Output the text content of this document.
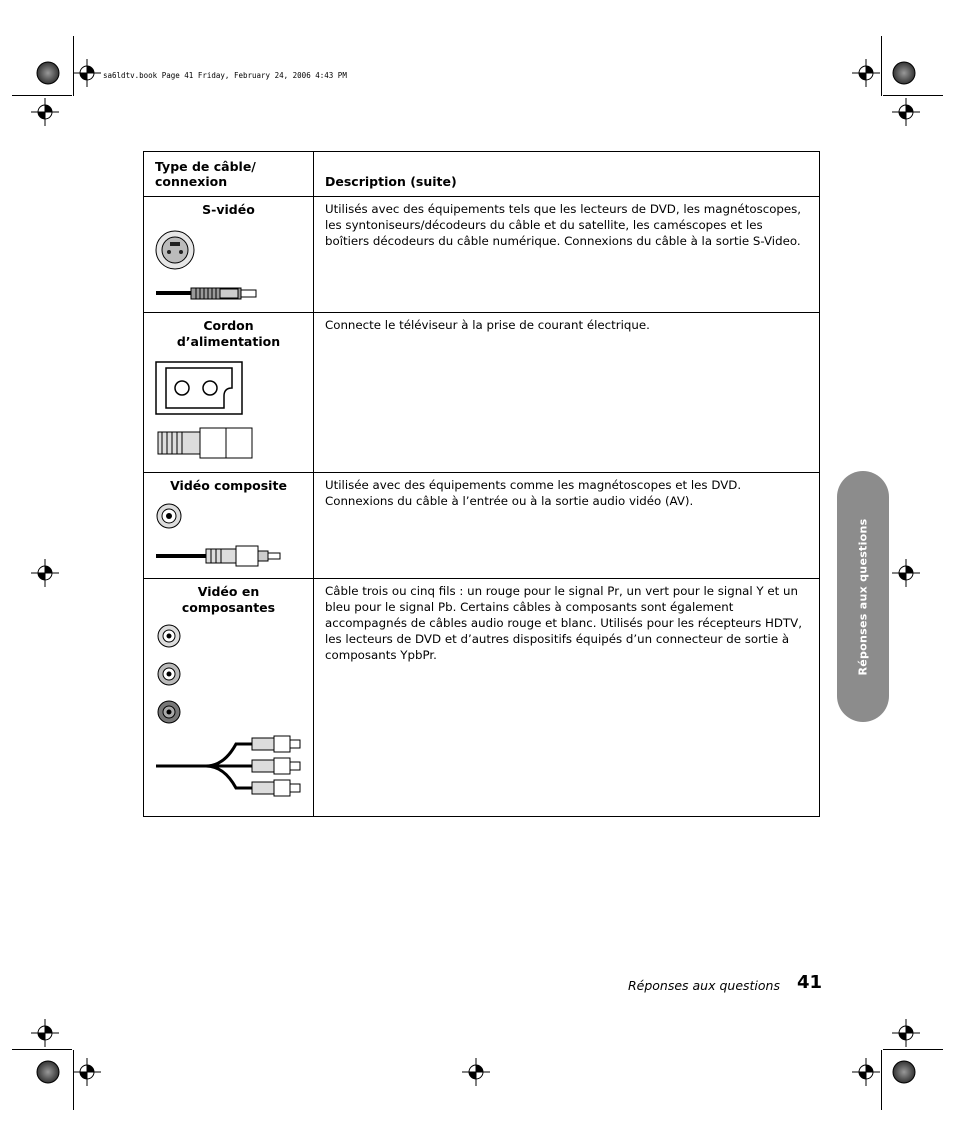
sa6ldtv.book Page 41 Friday, February 24, 2006 4:43 PM
Type de câble/
connexion	Description (suite)

S-vidéo	Utilisés avec des équipements tels que les lecteurs de DVD, les magnétoscopes, les syntoniseurs/décodeurs du câble et du satellite, les caméscopes et les boîtiers décodeurs du câble numérique. Connexions du câble à la sortie S-Video.

Cordon
d’alimentation	Connecte le téléviseur à la prise de courant électrique.

Vidéo composite	Utilisée avec des équipements comme les magnétoscopes et les DVD. Connexions du câble à l’entrée ou à la sortie audio vidéo (AV).

Vidéo en
composantes	Câble trois ou cinq fils : un rouge pour le signal Pr, un vert pour le signal Y et un bleu pour le signal Pb. Certains câbles à composants sont également accompagnés de câbles audio rouge et blanc. Utilisés pour les récepteurs HDTV, les lecteurs de DVD et d’autres dispositifs équipés d’un connecteur de sortie à composants YpbPr.	Réponses aux questions
Réponses aux questions 41
